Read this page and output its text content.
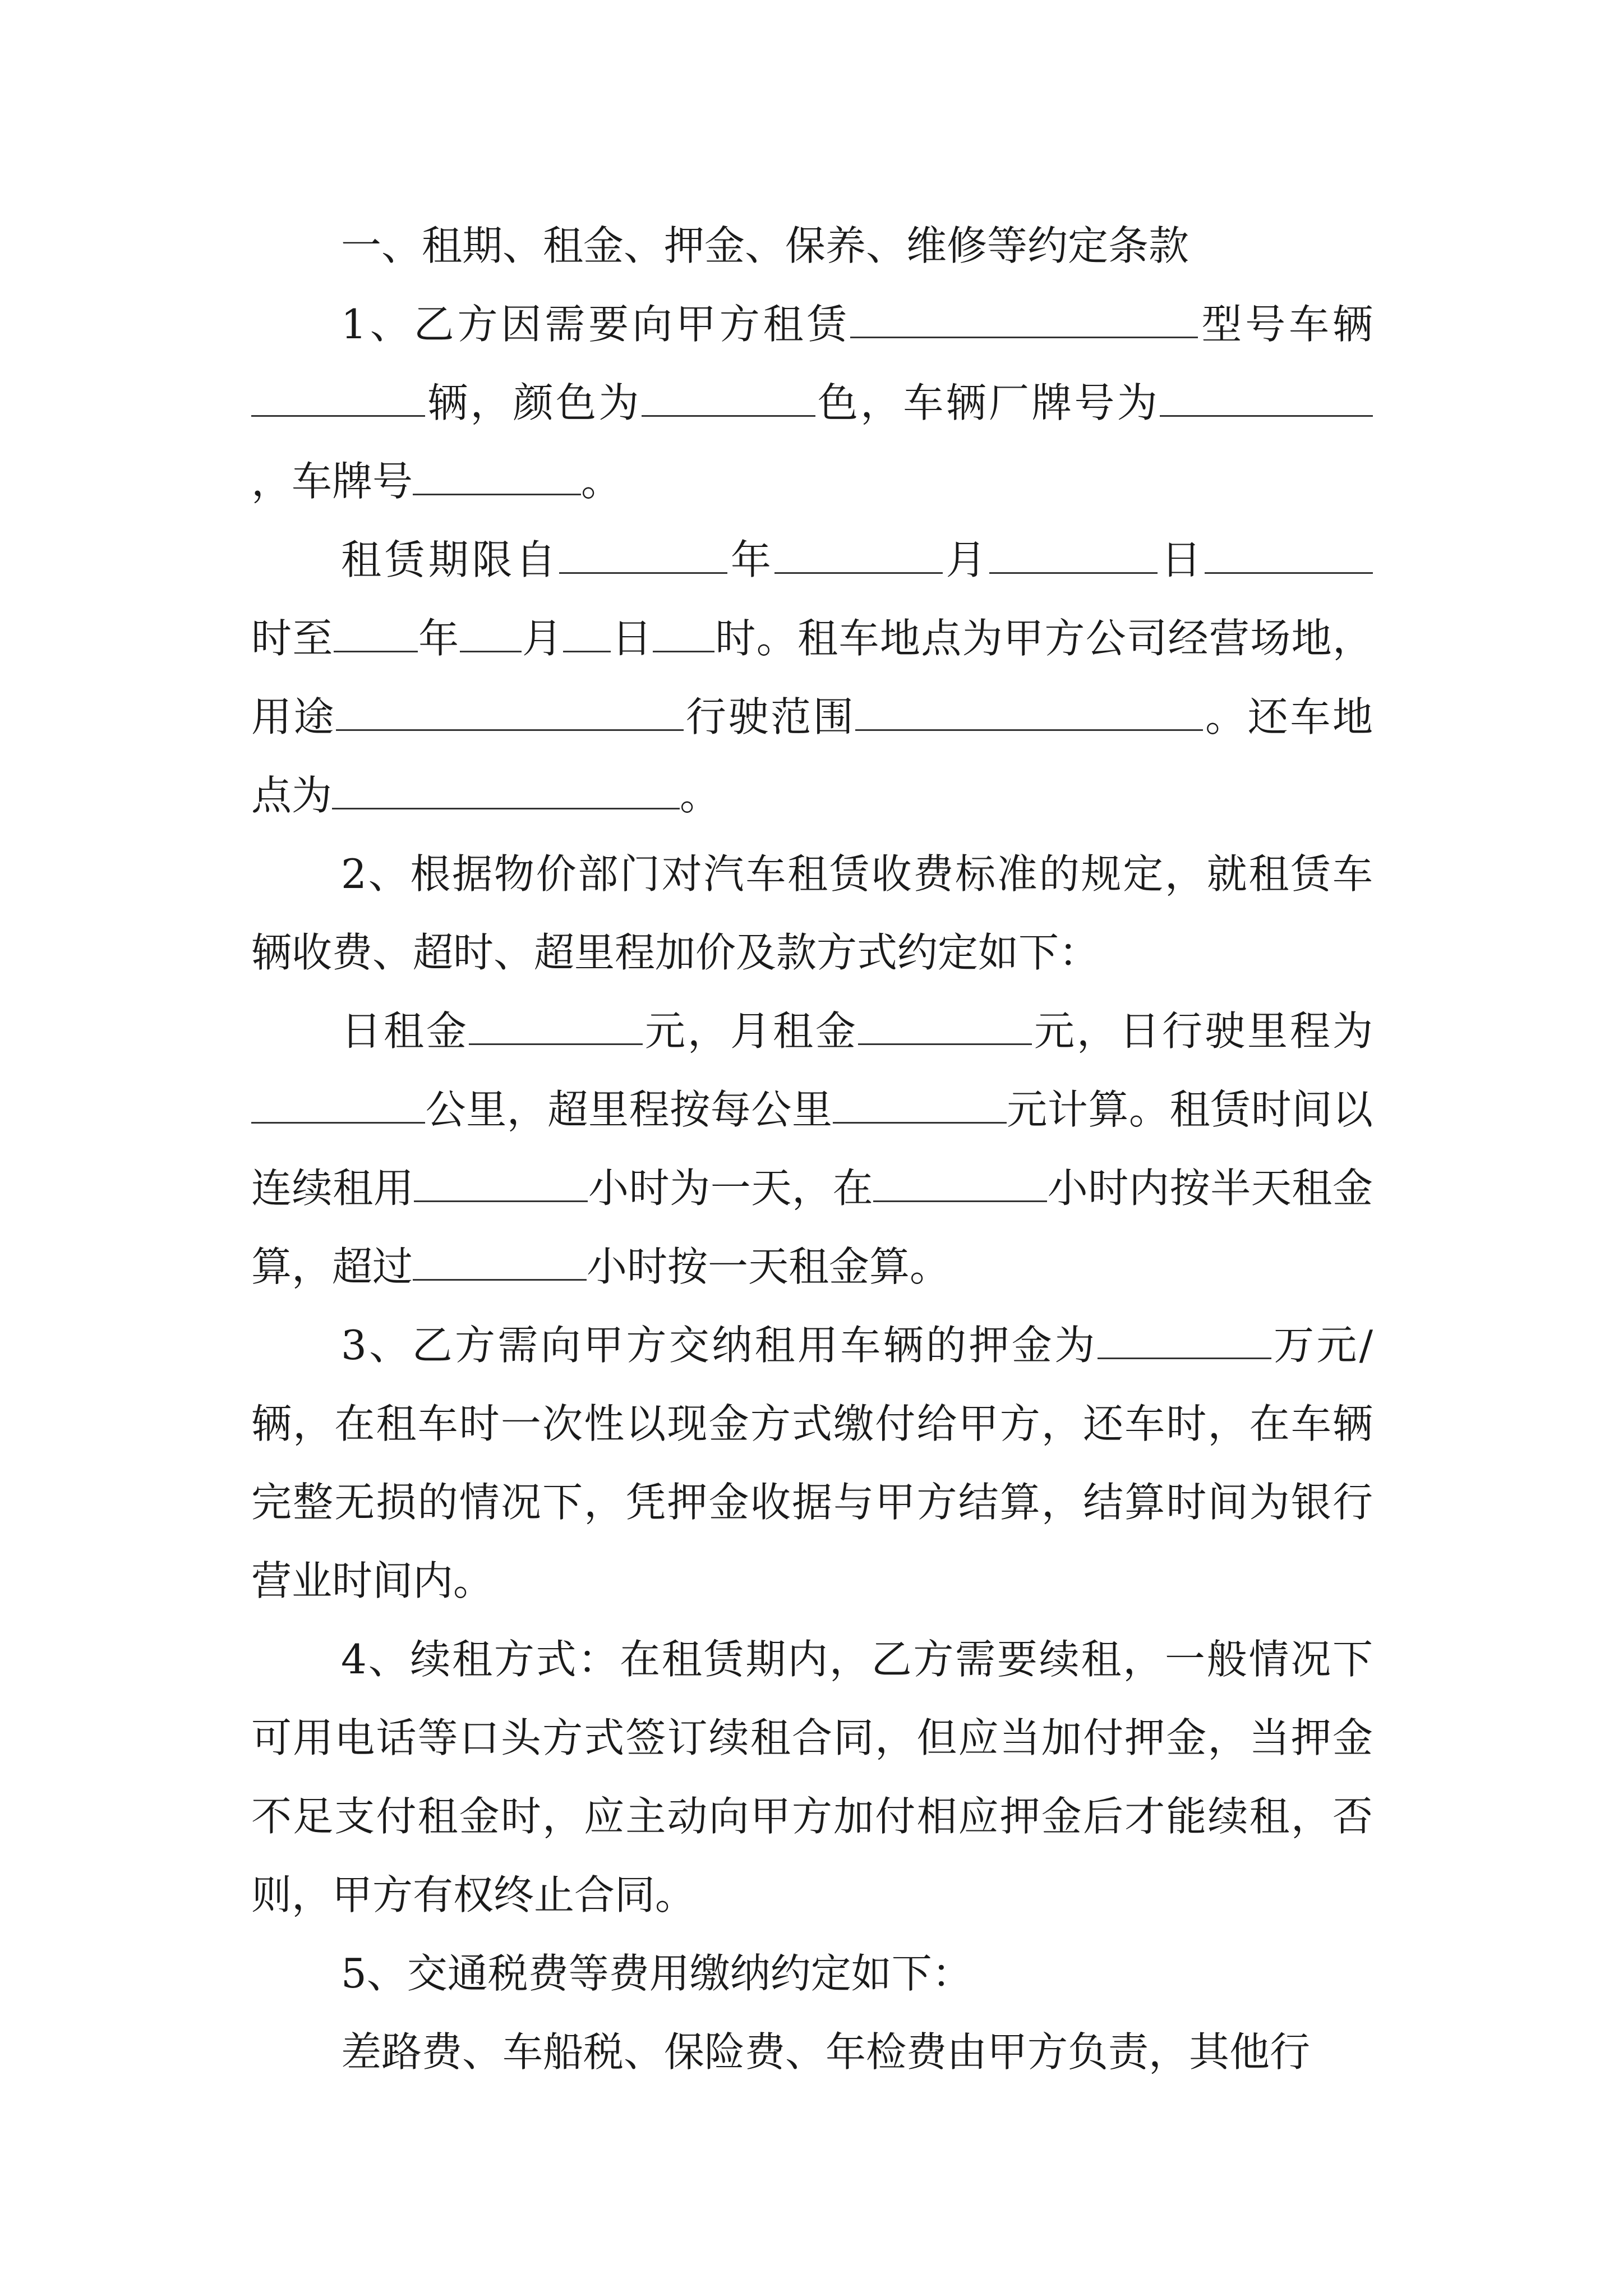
一、租期、租金、押金、保养、维修等约定条款

1、乙方因需要向甲方租赁	型号车辆辆，颜色为	色，车辆厂牌号为，车牌号	。

租赁期限自	年	月	日时至 年 月 日 时。租车地点为甲方公司经营场地，用途	行驶范围	。还车地点为	。

2、根据物价部门对汽车租赁收费标准的规定，就租赁车辆收费、超时、超里程加价及款方式约定如下：

日租金	元，月租金	元，日行驶里程为公里，超里程按每公里	元计算。租赁时间以连续租用	小时为一天，在	小时内按半天租金算，超过	小时按一天租金算。

3、乙方需向甲方交纳租用车辆的押金为	万元/辆，在租车时一次性以现金方式缴付给甲方，还车时，在车辆完整无损的情况下，凭押金收据与甲方结算，结算时间为银行营业时间内。

4、续租方式：在租赁期内，乙方需要续租，一般情况下可用电话等口头方式签订续租合同，但应当加付押金，当押金不足支付租金时，应主动向甲方加付相应押金后才能续租，否则，甲方有权终止合同。

5、交通税费等费用缴纳约定如下：

差路费、车船税、保险费、年检费由甲方负责，其他行
